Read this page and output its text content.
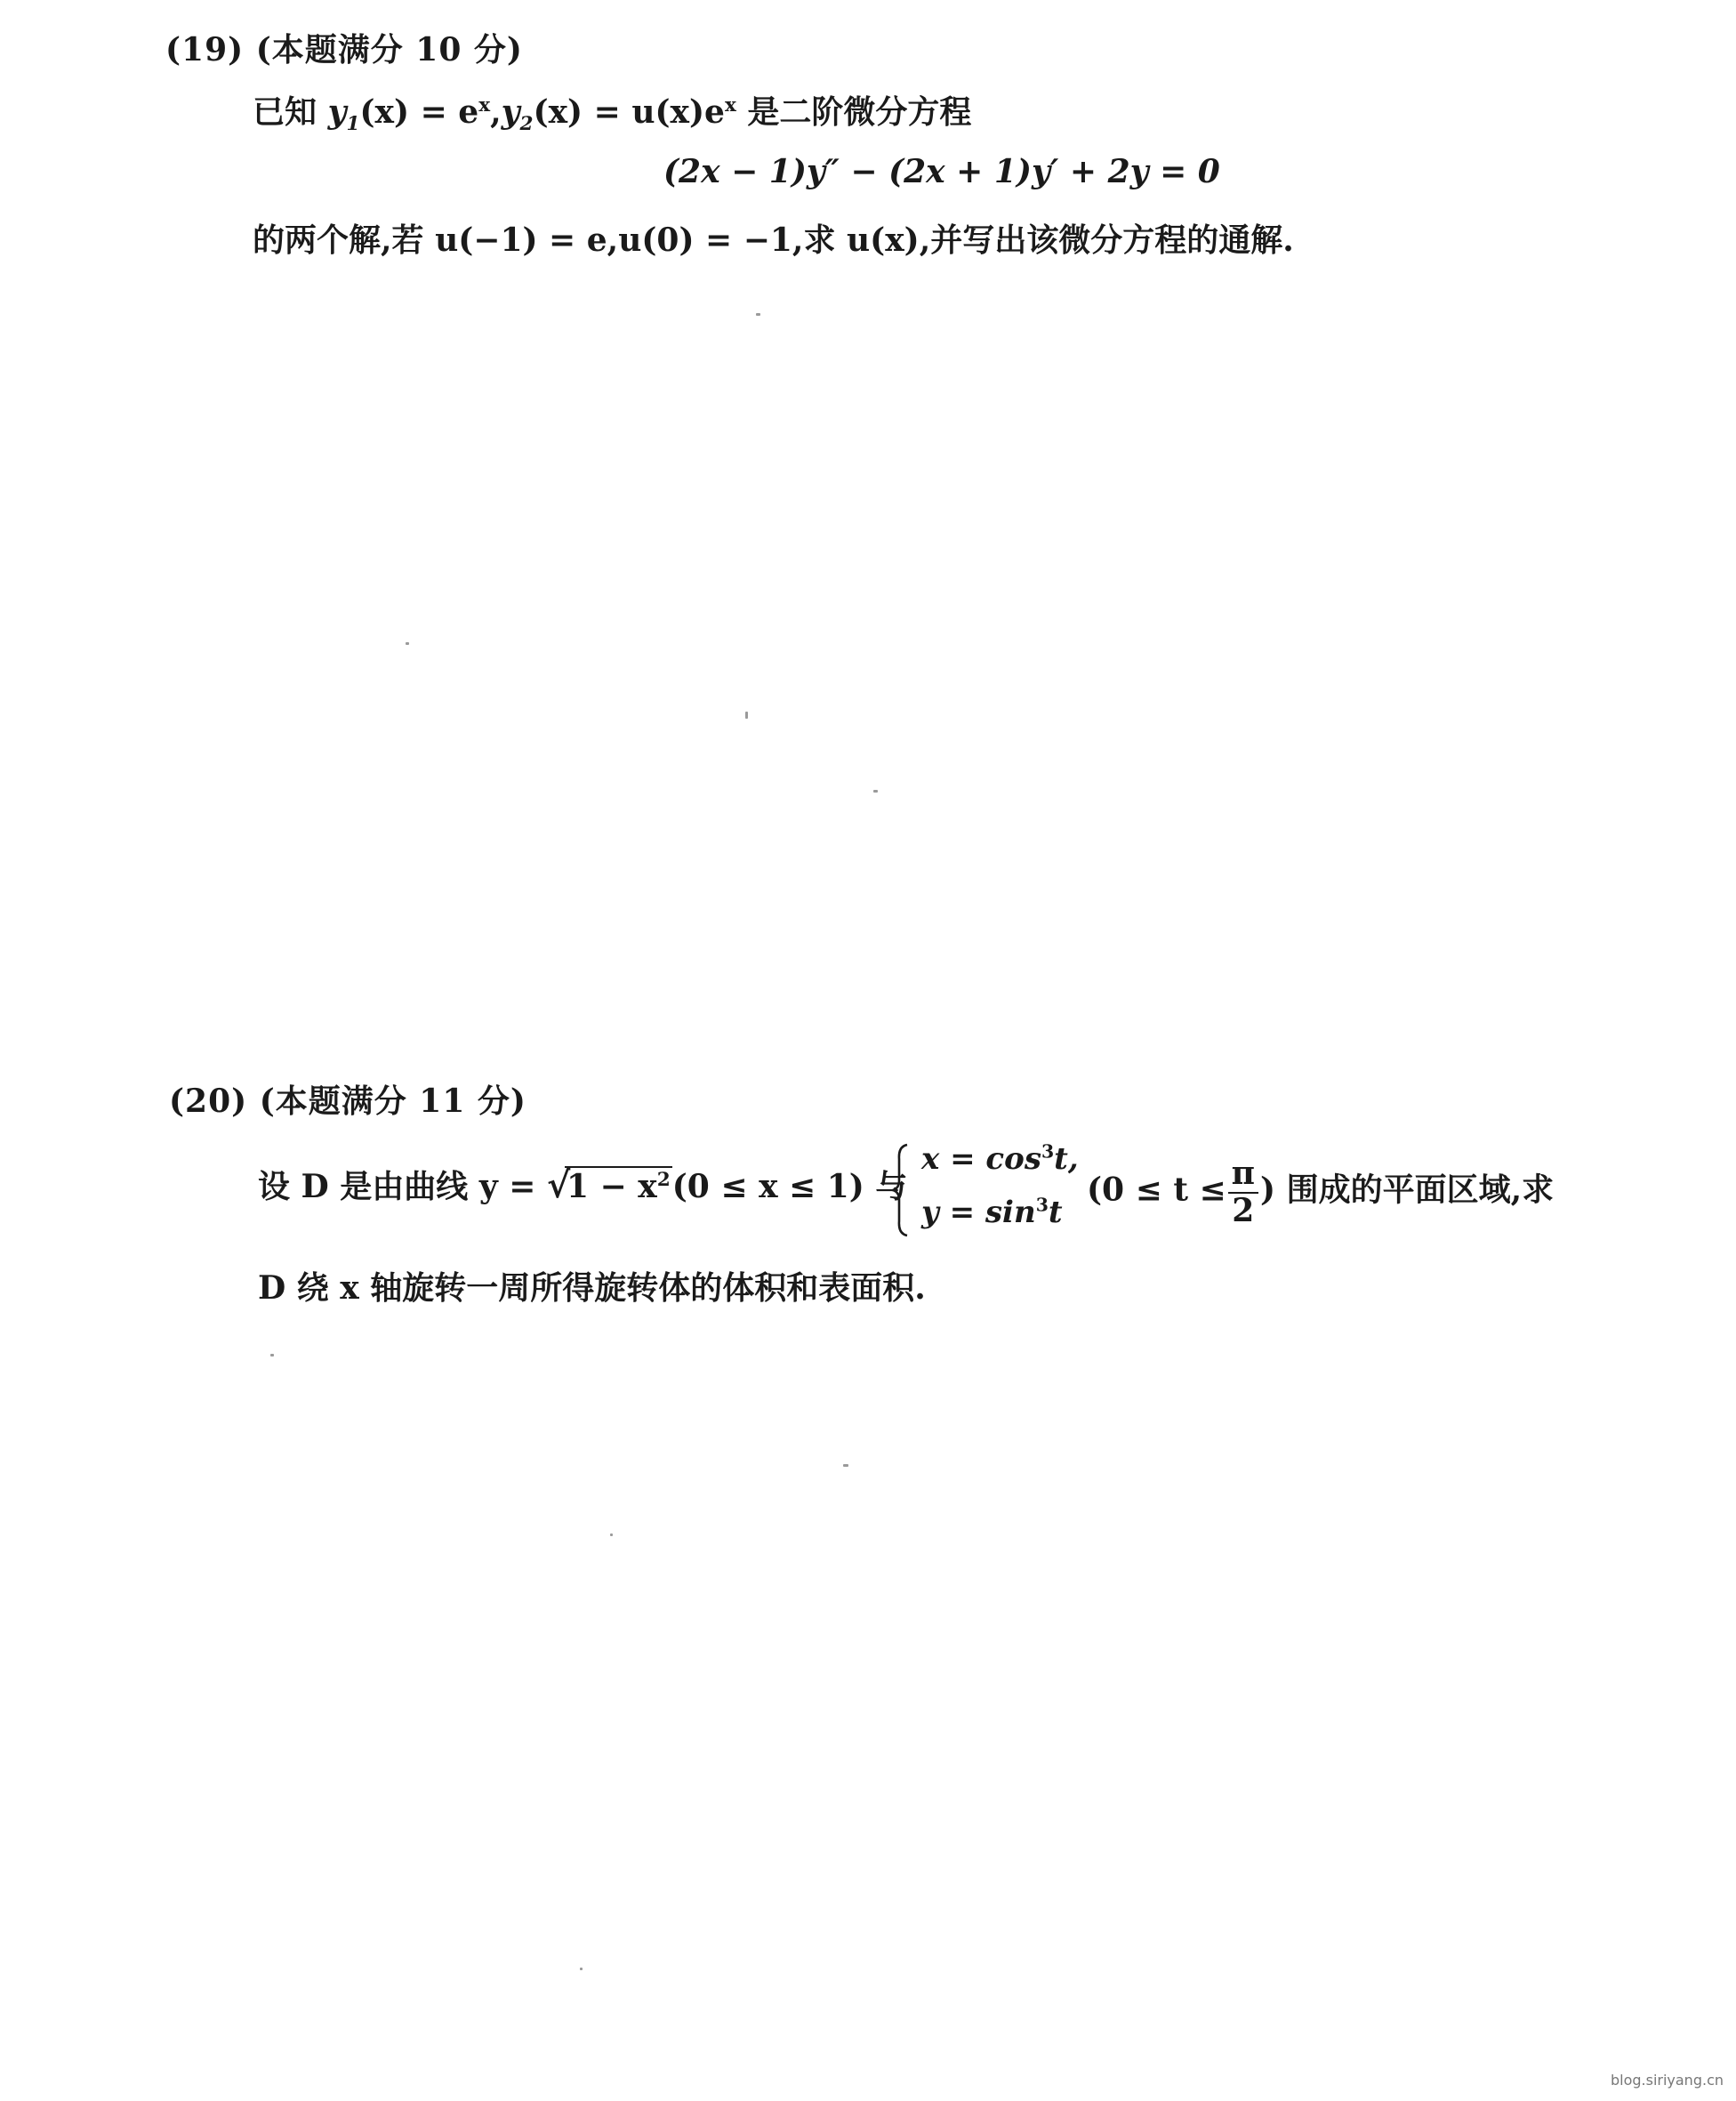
(19) (本题满分 10 分)
已知 $y_1(x) = e^x,y_2(x) = u(x)e^x$ 是二阶微分方程
(2x − 1)y″ − (2x + 1)y′ + 2y = 0
的两个解,若 u(−1) = e,u(0) = −1,求 u(x),并写出该微分方程的通解.
(20) (本题满分 11 分)
设 D 是由曲线 y = √
$1 - x^2(0 \le x \le 1)$ 与
$x = \cos^3t$,
$y = \sin^3t$
($0 \le t \le \frac{\pi}{2}$ ) 围成的平面区域,求
D 绕 x 轴旋转一周所得旋转体的体积和表面积.
blog.siriyang.cn
